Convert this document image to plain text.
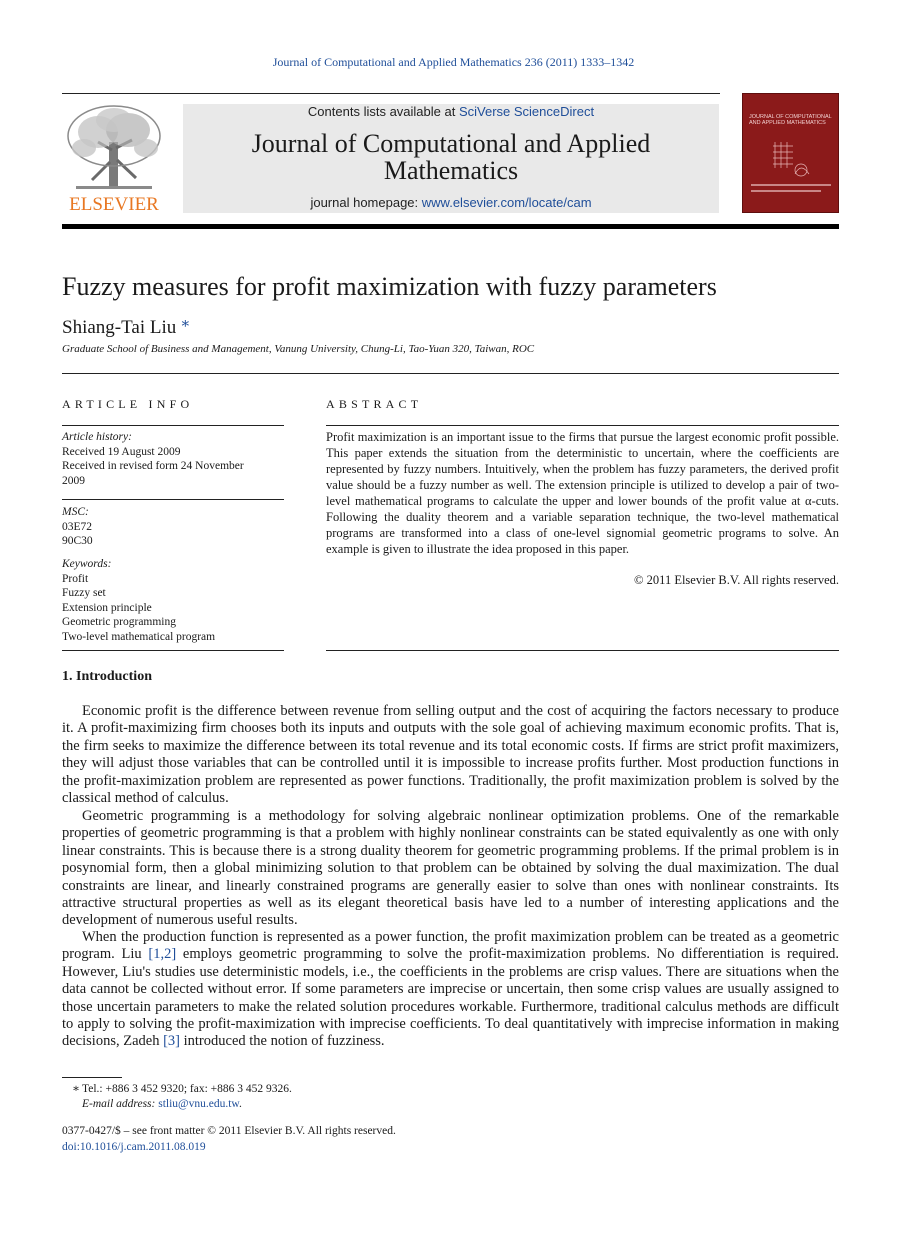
Journal of Computational and Applied Mathematics 236 (2011) 1333–1342
ELSEVIER
Contents lists available at SciVerse ScienceDirect
Journal of Computational and Applied Mathematics
journal homepage: www.elsevier.com/locate/cam
JOURNAL OF COMPUTATIONAL AND APPLIED MATHEMATICS
Fuzzy measures for profit maximization with fuzzy parameters
Shiang-Tai Liu ∗
Graduate School of Business and Management, Vanung University, Chung-Li, Tao-Yuan 320, Taiwan, ROC
ARTICLE INFO
Article history:
Received 19 August 2009
Received in revised form 24 November
2009
MSC:
03E72
90C30
Keywords:
Profit
Fuzzy set
Extension principle
Geometric programming
Two-level mathematical program
ABSTRACT
Profit maximization is an important issue to the firms that pursue the largest economic profit possible. This paper extends the situation from the deterministic to uncertain, where the coefficients are represented by fuzzy numbers. Intuitively, when the problem has fuzzy parameters, the derived profit value should be a fuzzy number as well. The extension principle is utilized to develop a pair of two-level mathematical programs to calculate the upper and lower bounds of the profit value at α-cuts. Following the duality theorem and a variable separation technique, the two-level mathematical programs are transformed into a class of one-level signomial geometric programs to solve. An example is given to illustrate the idea proposed in this paper.
© 2011 Elsevier B.V. All rights reserved.
1. Introduction

Economic profit is the difference between revenue from selling output and the cost of acquiring the factors necessary to produce it. A profit-maximizing firm chooses both its inputs and outputs with the sole goal of achieving maximum economic profits. That is, the firm seeks to maximize the difference between its total revenue and its total economic costs. If firms are strict profit maximizers, they will adjust those variables that can be controlled until it is impossible to increase profits further. Most production functions in the profit-maximization problem are represented as power functions. Traditionally, the profit maximization problem is solved by the classical method of calculus.

Geometric programming is a methodology for solving algebraic nonlinear optimization problems. One of the remarkable properties of geometric programming is that a problem with highly nonlinear constraints can be stated equivalently as one with only linear constraints. This is because there is a strong duality theorem for geometric programming problems. If the primal problem is in posynomial form, then a global minimizing solution to that problem can be obtained by solving the dual maximization. The dual constraints are linear, and linearly constrained programs are generally easier to solve than ones with nonlinear constraints. Its attractive structural properties as well as its elegant theoretical basis have led to a number of interesting applications and the development of numerous useful results.

When the production function is represented as a power function, the profit maximization problem can be treated as a geometric program. Liu [1,2] employs geometric programming to solve the profit-maximization problems. No differentiation is required. However, Liu's studies use deterministic models, i.e., the coefficients in the problems are crisp values. There are situations when the data cannot be collected without error. If some parameters are imprecise or uncertain, then some crisp values are usually assigned to those uncertain parameters to make the related solution procedures workable. Furthermore, traditional calculus methods are difficult to apply to solving the profit-maximization with imprecise coefficients. To deal quantitatively with imprecise information in making decisions, Zadeh [3] introduced the notion of fuzziness.

∗ Tel.: +886 3 452 9320; fax: +886 3 452 9326.
E-mail address: stliu@vnu.edu.tw.
0377-0427/$ – see front matter © 2011 Elsevier B.V. All rights reserved.
doi:10.1016/j.cam.2011.08.019
